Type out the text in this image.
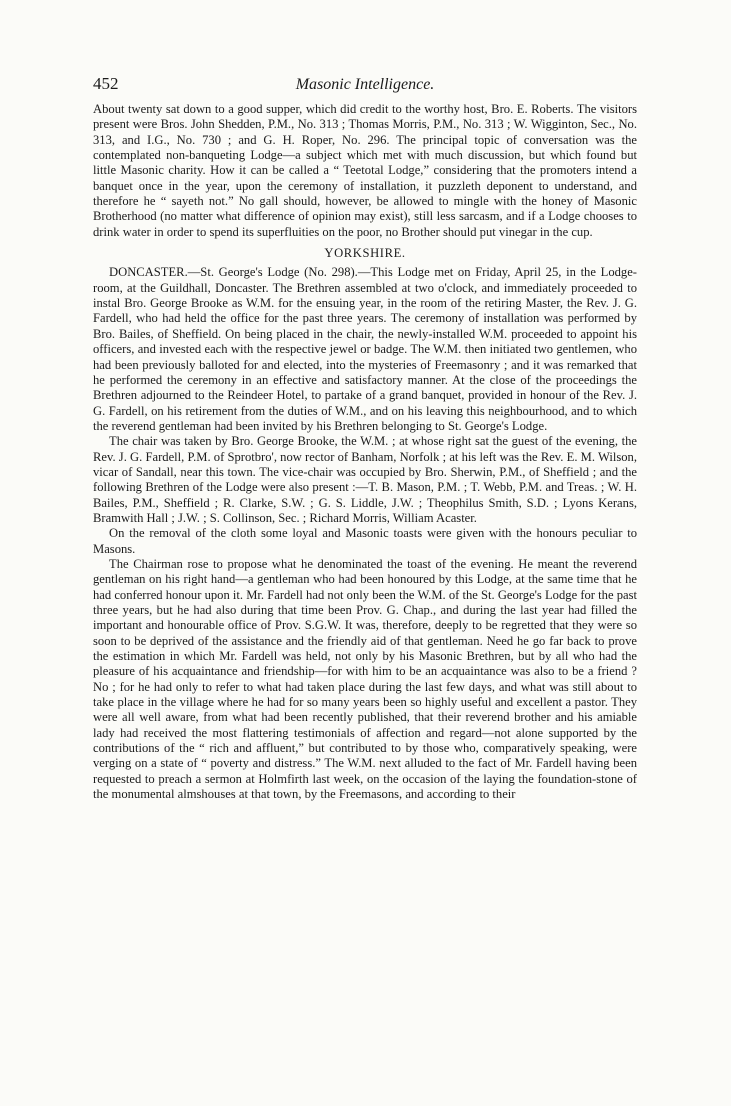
452	Masonic Intelligence.

About twenty sat down to a good supper, which did credit to the worthy host, Bro. E. Roberts. The visitors present were Bros. John Shedden, P.M., No. 313 ; Thomas Morris, P.M., No. 313 ; W. Wigginton, Sec., No. 313, and I.G., No. 730 ; and G. H. Roper, No. 296. The principal topic of conversation was the contemplated non-banqueting Lodge—a subject which met with much discussion, but which found but little Masonic charity. How it can be called a “ Teetotal Lodge,” considering that the promoters intend a banquet once in the year, upon the ceremony of installation, it puzzleth deponent to understand, and therefore he “ sayeth not.” No gall should, however, be allowed to mingle with the honey of Masonic Brotherhood (no matter what difference of opinion may exist), still less sarcasm, and if a Lodge chooses to drink water in order to spend its superfluities on the poor, no Brother should put vinegar in the cup.

YORKSHIRE.

DONCASTER.—St. George's Lodge (No. 298).—This Lodge met on Friday, April 25, in the Lodge-room, at the Guildhall, Doncaster. The Brethren assembled at two o'clock, and immediately proceeded to instal Bro. George Brooke as W.M. for the ensuing year, in the room of the retiring Master, the Rev. J. G. Fardell, who had held the office for the past three years. The ceremony of installation was performed by Bro. Bailes, of Sheffield. On being placed in the chair, the newly-installed W.M. proceeded to appoint his officers, and invested each with the respective jewel or badge. The W.M. then initiated two gentlemen, who had been previously balloted for and elected, into the mysteries of Freemasonry ; and it was remarked that he performed the ceremony in an effective and satisfactory manner. At the close of the proceedings the Brethren adjourned to the Reindeer Hotel, to partake of a grand banquet, provided in honour of the Rev. J. G. Fardell, on his retirement from the duties of W.M., and on his leaving this neighbourhood, and to which the reverend gentleman had been invited by his Brethren belonging to St. George's Lodge.

The chair was taken by Bro. George Brooke, the W.M. ; at whose right sat the guest of the evening, the Rev. J. G. Fardell, P.M. of Sprotbro', now rector of Banham, Norfolk ; at his left was the Rev. E. M. Wilson, vicar of Sandall, near this town. The vice-chair was occupied by Bro. Sherwin, P.M., of Sheffield ; and the following Brethren of the Lodge were also present :—T. B. Mason, P.M. ; T. Webb, P.M. and Treas. ; W. H. Bailes, P.M., Sheffield ; R. Clarke, S.W. ; G. S. Liddle, J.W. ; Theophilus Smith, S.D. ; Lyons Kerans, Bramwith Hall ; J.W. ; S. Collinson, Sec. ; Richard Morris, William Acaster.

On the removal of the cloth some loyal and Masonic toasts were given with the honours peculiar to Masons.

The Chairman rose to propose what he denominated the toast of the evening. He meant the reverend gentleman on his right hand—a gentleman who had been honoured by this Lodge, at the same time that he had conferred honour upon it. Mr. Fardell had not only been the W.M. of the St. George's Lodge for the past three years, but he had also during that time been Prov. G. Chap., and during the last year had filled the important and honourable office of Prov. S.G.W. It was, therefore, deeply to be regretted that they were so soon to be deprived of the assistance and the friendly aid of that gentleman. Need he go far back to prove the estimation in which Mr. Fardell was held, not only by his Masonic Brethren, but by all who had the pleasure of his acquaintance and friendship—for with him to be an acquaintance was also to be a friend ? No ; for he had only to refer to what had taken place during the last few days, and what was still about to take place in the village where he had for so many years been so highly useful and excellent a pastor. They were all well aware, from what had been recently published, that their reverend brother and his amiable lady had received the most flattering testimonials of affection and regard—not alone supported by the contributions of the “ rich and affluent,” but contributed to by those who, comparatively speaking, were verging on a state of “ poverty and distress.” The W.M. next alluded to the fact of Mr. Fardell having been requested to preach a sermon at Holmfirth last week, on the occasion of the laying the foundation-stone of the monumental almshouses at that town, by the Freemasons, and according to their
